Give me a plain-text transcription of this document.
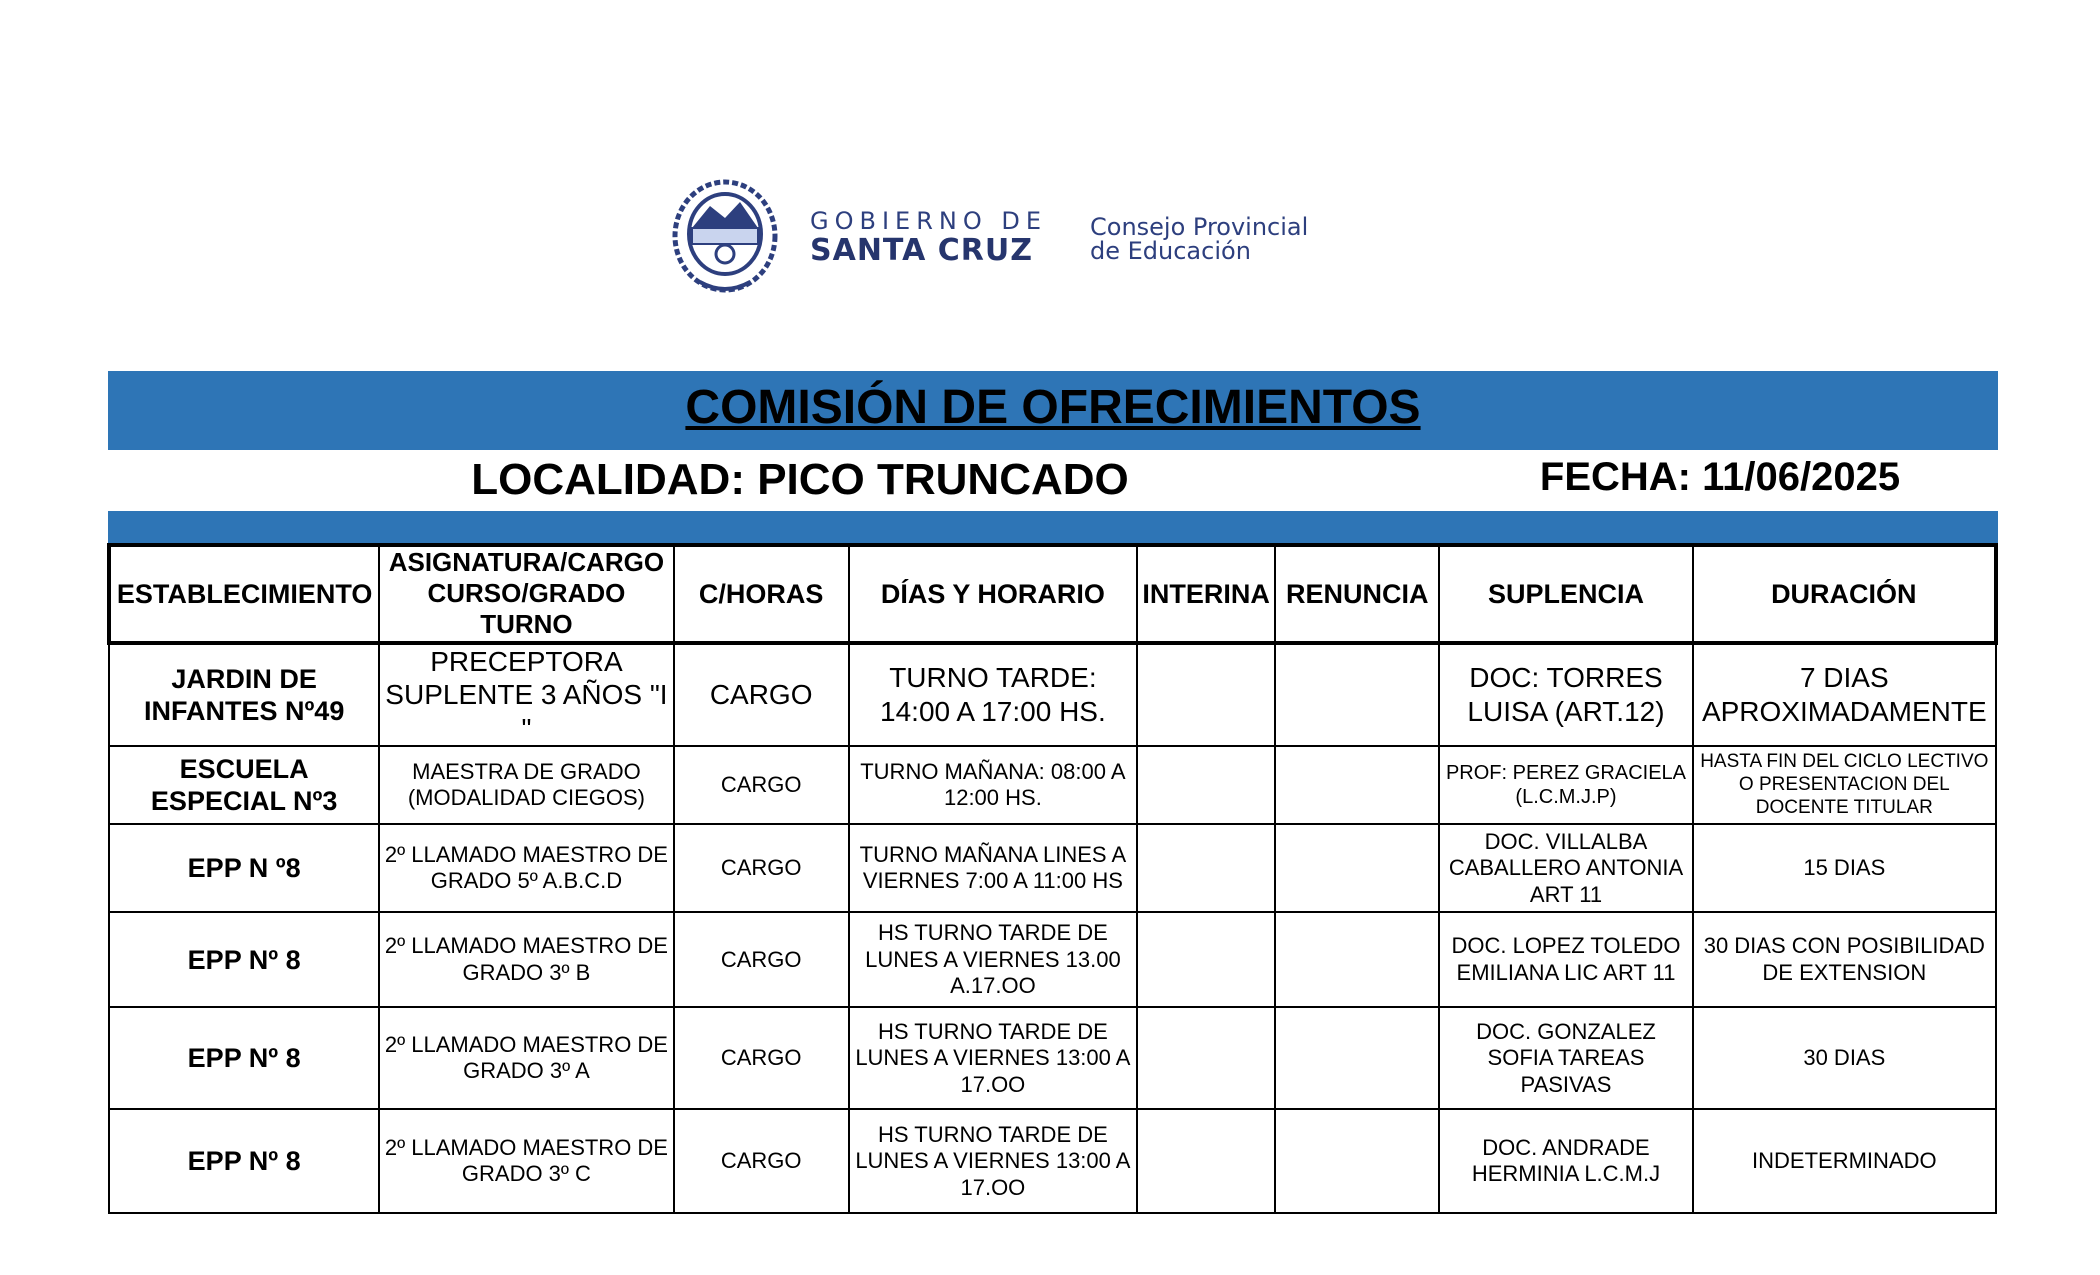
GOBIERNO DE
SANTA CRUZ
Consejo Provincial
de Educación
COMISIÓN DE OFRECIMIENTOS
LOCALIDAD: PICO TRUNCADO	FECHA: 11/06/2025
ESTABLECIMIENTO	ASIGNATURA/CARGO CURSO/GRADO TURNO	C/HORAS	DÍAS Y HORARIO	INTERINA	RENUNCIA	SUPLENCIA	DURACIÓN
JARDIN DE INFANTES Nº49	PRECEPTORA SUPLENTE 3 AÑOS "I "	CARGO	TURNO TARDE: 14:00 A 17:00 HS.			DOC: TORRES LUISA (ART.12)	7 DIAS APROXIMADAMENTE
ESCUELA ESPECIAL Nº3	MAESTRA DE GRADO (MODALIDAD CIEGOS)	CARGO	TURNO MAÑANA: 08:00 A 12:00 HS.			PROF: PEREZ GRACIELA (L.C.M.J.P)	HASTA FIN DEL CICLO LECTIVO O PRESENTACION DEL DOCENTE TITULAR
EPP N º8	2º LLAMADO MAESTRO DE GRADO 5º A.B.C.D	CARGO	TURNO MAÑANA LINES A VIERNES 7:00 A 11:00 HS			DOC. VILLALBA CABALLERO ANTONIA ART 11	15 DIAS
EPP Nº 8	2º LLAMADO MAESTRO DE GRADO 3º B	CARGO	HS TURNO TARDE DE LUNES A VIERNES 13.00 A.17.OO			DOC. LOPEZ TOLEDO EMILIANA LIC ART 11	30 DIAS CON POSIBILIDAD DE EXTENSION
EPP Nº 8	2º LLAMADO MAESTRO DE GRADO 3º A	CARGO	HS TURNO TARDE DE LUNES A VIERNES 13:00 A 17.OO			DOC. GONZALEZ SOFIA TAREAS PASIVAS	30 DIAS
EPP Nº 8	2º LLAMADO MAESTRO DE GRADO 3º C	CARGO	HS TURNO TARDE DE LUNES A VIERNES 13:00 A 17.OO			DOC. ANDRADE HERMINIA L.C.M.J	INDETERMINADO
